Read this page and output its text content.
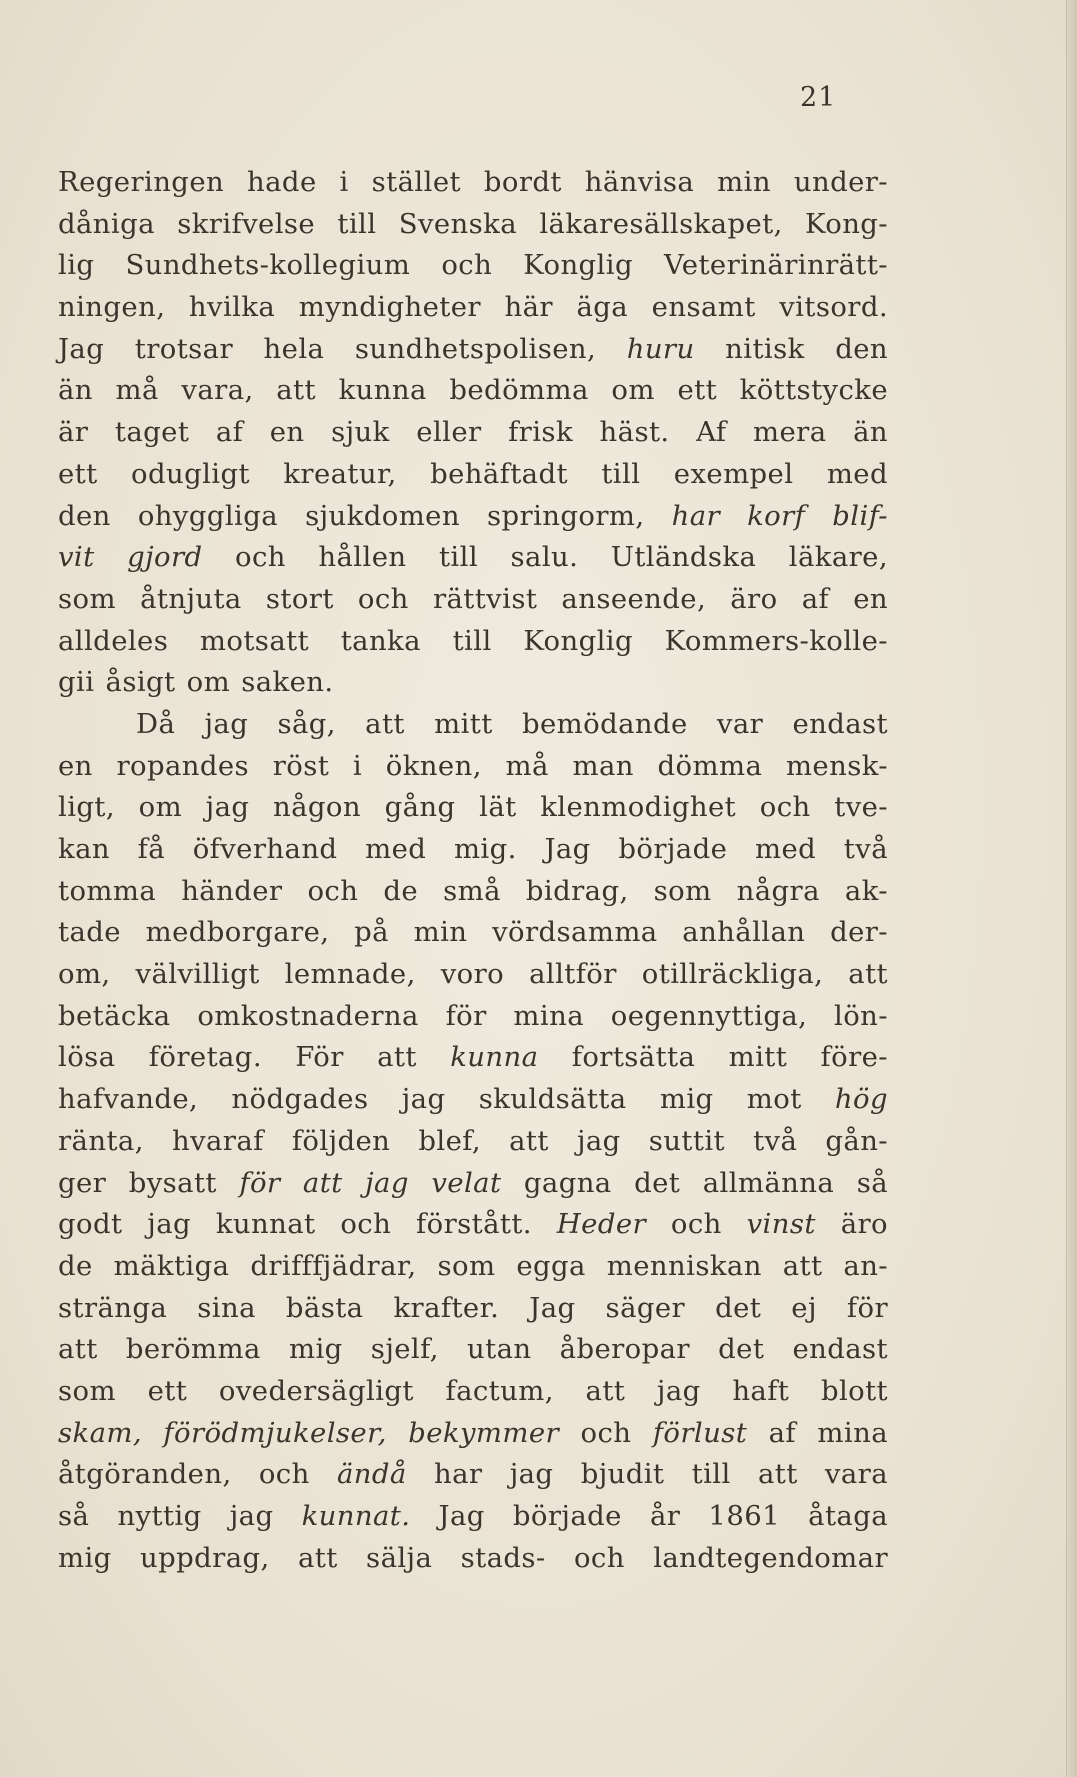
21
Regeringen hade i stället bordt hänvisa min under-
dåniga skrifvelse till Svenska läkaresällskapet, Kong-
lig Sundhets-kollegium och Konglig Veterinärinrätt-
ningen, hvilka myndigheter här äga ensamt vitsord.
Jag trotsar hela sundhetspolisen, huru nitisk den
än må vara, att kunna bedömma om ett köttstycke
är taget af en sjuk eller frisk häst. Af mera än
ett odugligt kreatur, behäftadt till exempel med
den ohyggliga sjukdomen springorm, har korf blif-
vit gjord och hållen till salu. Utländska läkare,
som åtnjuta stort och rättvist anseende, äro af en
alldeles motsatt tanka till Konglig Kommers-kolle-
gii åsigt om saken.
Då jag såg, att mitt bemödande var endast
en ropandes röst i öknen, må man dömma mensk-
ligt, om jag någon gång lät klenmodighet och tve-
kan få öfverhand med mig. Jag började med två
tomma händer och de små bidrag, som några ak-
tade medborgare, på min vördsamma anhållan der-
om, välvilligt lemnade, voro alltför otillräckliga, att
betäcka omkostnaderna för mina oegennyttiga, lön-
lösa företag. För att kunna fortsätta mitt före-
hafvande, nödgades jag skuldsätta mig mot hög
ränta, hvaraf följden blef, att jag suttit två gån-
ger bysatt för att jag velat gagna det allmänna så
godt jag kunnat och förstått. Heder och vinst äro
de mäktiga drifffjädrar, som egga menniskan att an-
stränga sina bästa krafter. Jag säger det ej för
att berömma mig sjelf, utan åberopar det endast
som ett ovedersägligt factum, att jag haft blott
skam, förödmjukelser, bekymmer och förlust af mina
åtgöranden, och ändå har jag bjudit till att vara
så nyttig jag kunnat. Jag började år 1861 åtaga
mig uppdrag, att sälja stads- och landtegendomar
